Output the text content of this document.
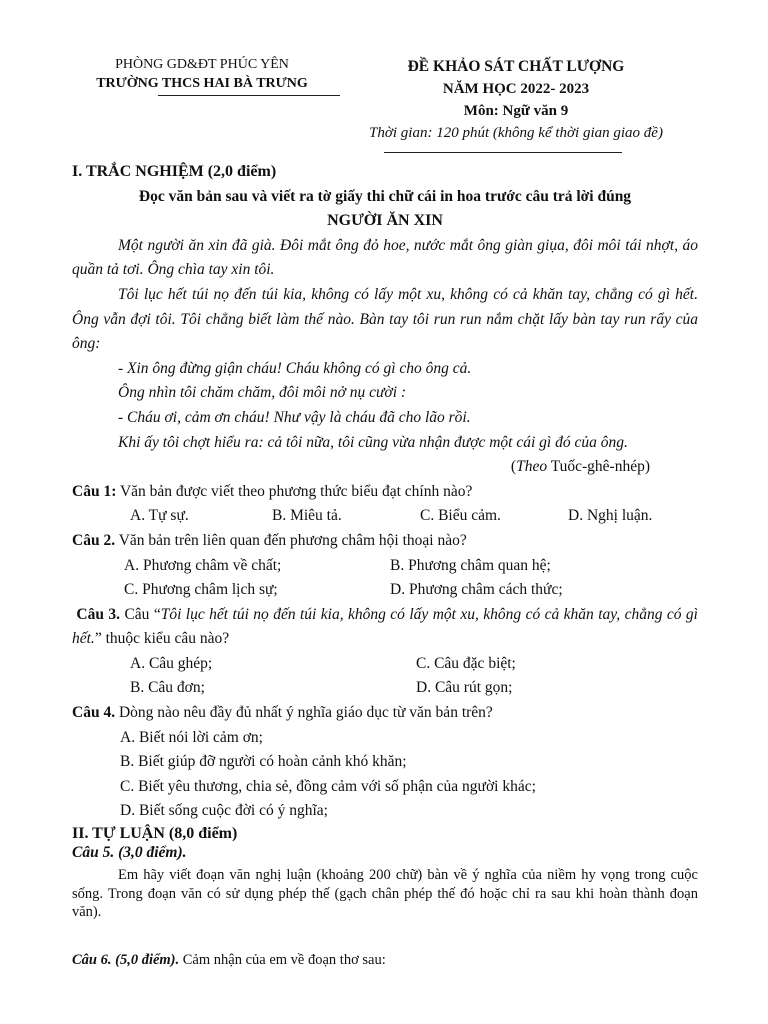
PHÒNG GD&ĐT PHÚC YÊN
TRƯỜNG THCS HAI BÀ TRƯNG
ĐỀ KHẢO SÁT CHẤT LƯỢNG
NĂM HỌC 2022- 2023
Môn: Ngữ văn 9
Thời gian: 120 phút (không kể thời gian giao đề)

I. TRẮC NGHIỆM (2,0 điểm)

Đọc văn bản sau và viết ra tờ giấy thi chữ cái in hoa trước câu trả lời đúng

NGƯỜI ĂN XIN

Một người ăn xin đã già. Đôi mắt ông đỏ hoe, nước mắt ông giàn giụa, đôi môi tái nhợt, áo quần tả tơi. Ông chìa tay xin tôi.

Tôi lục hết túi nọ đến túi kia, không có lấy một xu, không có cả khăn tay, chẳng có gì hết. Ông vẫn đợi tôi. Tôi chẳng biết làm thế nào. Bàn tay tôi run run nắm chặt lấy bàn tay run rẩy của ông:

- Xin ông đừng giận cháu! Cháu không có gì cho ông cả.

Ông nhìn tôi chăm chăm, đôi môi nở nụ cười :

- Cháu ơi, cảm ơn cháu! Như vậy là cháu đã cho lão rồi.

Khi ấy tôi chợt hiểu ra: cả tôi nữa, tôi cũng vừa nhận được một cái gì đó của ông.

(Theo Tuốc-ghê-nhép)

Câu 1: Văn bản được viết theo phương thức biểu đạt chính nào?

A. Tự sự.	B. Miêu tả.	C. Biểu cảm.	D. Nghị luận.

Câu 2. Văn bản trên liên quan đến phương châm hội thoại nào?

A. Phương châm về chất;	B. Phương châm quan hệ;
C. Phương châm lịch sự;	D. Phương châm cách thức;

Câu 3. Câu “Tôi lục hết túi nọ đến túi kia, không có lấy một xu, không có cả khăn tay, chẳng có gì hết.” thuộc kiểu câu nào?

A. Câu ghép;	C. Câu đặc biệt;
B. Câu đơn;	D. Câu rút gọn;

Câu 4. Dòng nào nêu đầy đủ nhất ý nghĩa giáo dục từ văn bản trên?

A. Biết nói lời cảm ơn;

B. Biết giúp đỡ người có hoàn cảnh khó khăn;

C. Biết yêu thương, chia sẻ, đồng cảm với số phận của người khác;

D. Biết sống cuộc đời có ý nghĩa;

II. TỰ LUẬN (8,0 điểm)

Câu 5. (3,0 điểm).

Em hãy viết đoạn văn nghị luận (khoảng 200 chữ) bàn về ý nghĩa của niềm hy vọng trong cuộc sống. Trong đoạn văn có sử dụng phép thế (gạch chân phép thế đó hoặc chỉ ra sau khi hoàn thành đoạn văn).

Câu 6. (5,0 điểm). Cảm nhận của em về đoạn thơ sau:
